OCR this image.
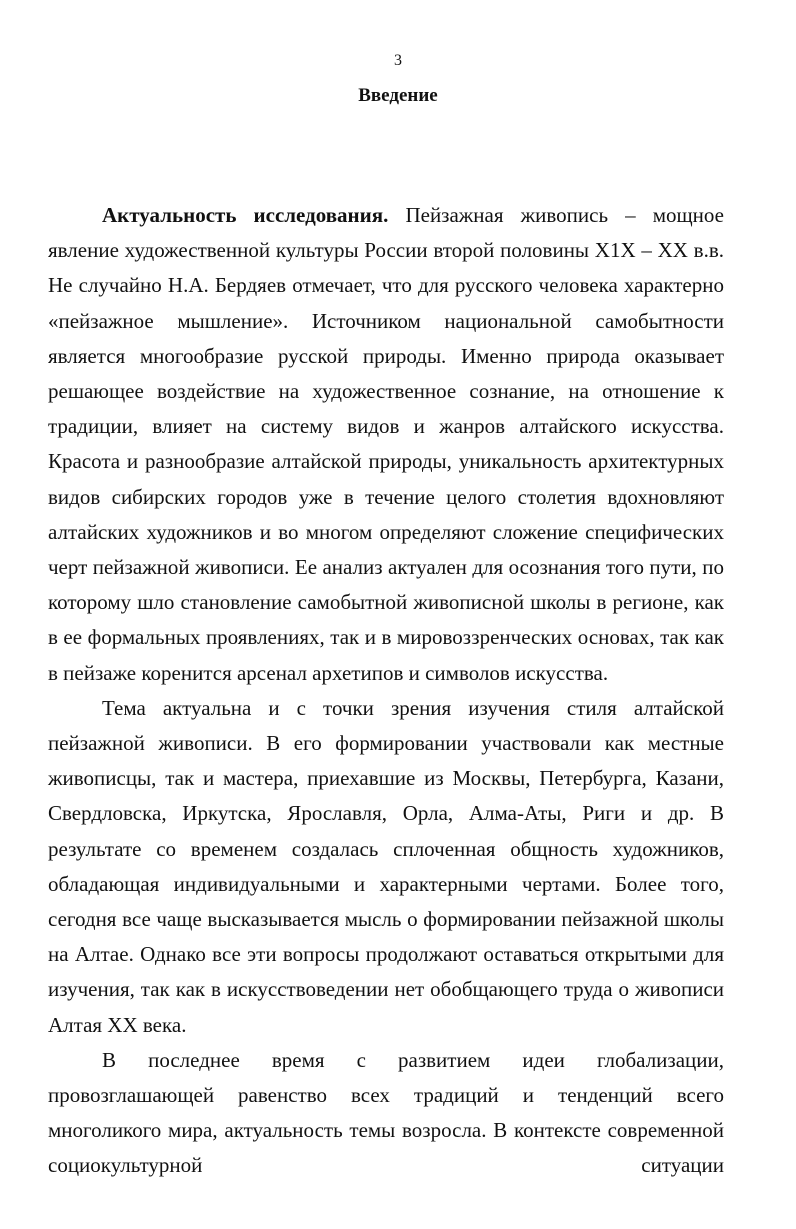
3
Введение

Актуальность исследования. Пейзажная живопись – мощное явление художественной культуры России второй половины Х1Х – ХХ в.в. Не случайно Н.А. Бердяев отмечает, что для русского человека характерно «пейзажное мышление». Источником национальной самобытности является многообразие русской природы. Именно природа оказывает решающее воздействие на художественное сознание, на отношение к традиции, влияет на систему видов и жанров алтайского искусства. Красота и разнообразие алтайской природы, уникальность архитектурных видов сибирских городов уже в течение целого столетия вдохновляют алтайских художников и во многом определяют сложение специфических черт пейзажной живописи. Ее анализ актуален для осознания того пути, по которому шло становление самобытной живописной школы в регионе, как в ее формальных проявлениях, так и в мировоззренческих основах, так как в пейзаже коренится арсенал архетипов и символов искусства.

Тема актуальна и с точки зрения изучения стиля алтайской пейзажной живописи. В его формировании участвовали как местные живописцы, так и мастера, приехавшие из Москвы, Петербурга, Казани, Свердловска, Иркутска, Ярославля, Орла, Алма-Аты, Риги и др. В результате со временем создалась сплоченная общность художников, обладающая индивидуальными и характерными чертами. Более того, сегодня все чаще высказывается мысль о формировании пейзажной школы на Алтае. Однако все эти вопросы продолжают оставаться открытыми для изучения, так как в искусствоведении нет обобщающего труда о живописи Алтая ХХ века.

В последнее время с развитием идеи глобализации, провозглашающей равенство всех традиций и тенденций всего многоликого мира, актуальность темы возросла. В контексте современной социокультурной ситуации
